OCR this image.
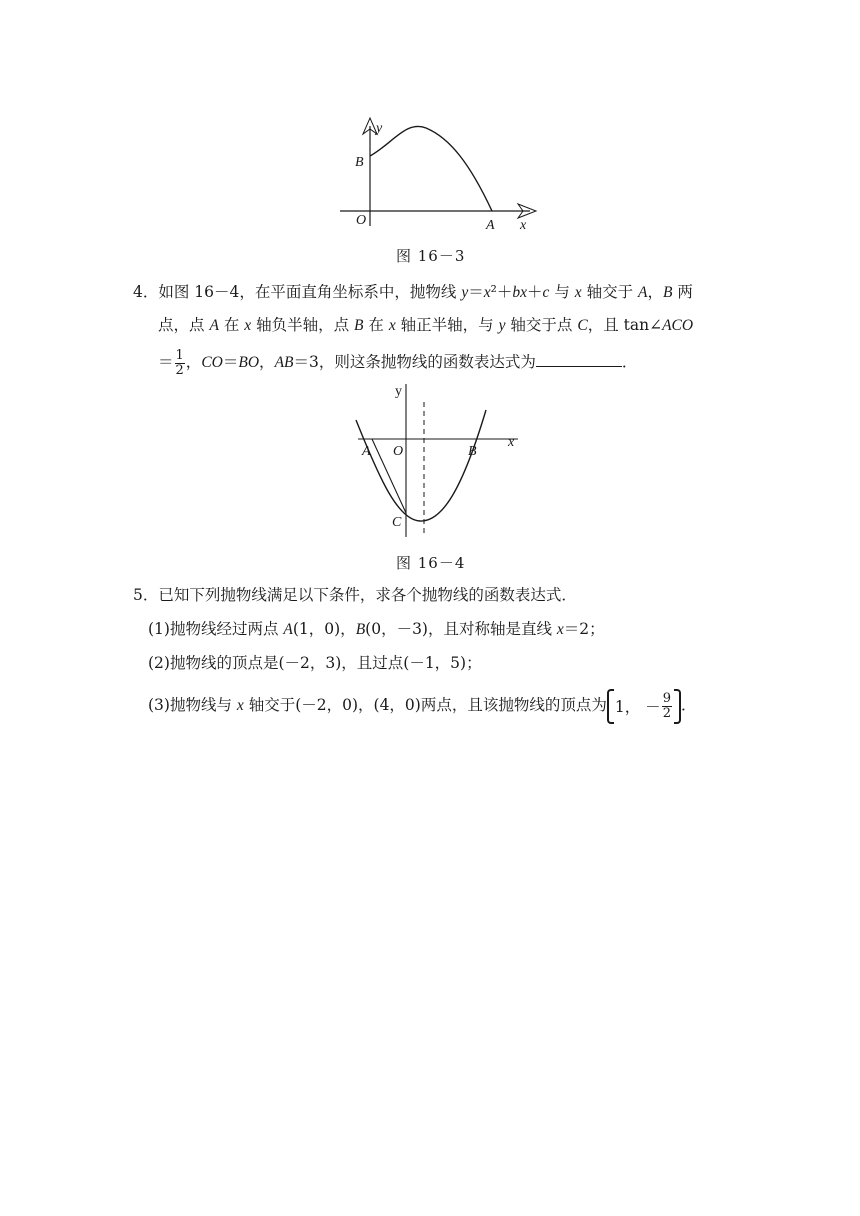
y
B
O	A x
图 16－3
4．如图 16－4，在平面直角坐标系中，抛物线 y＝x²＋bx＋c 与 x 轴交于 A，B 两
点，点 A 在 x 轴负半轴，点 B 在 x 轴正半轴，与 y 轴交于点 C，且 tan∠ACO
＝ $\frac{1}{2}$ ，CO＝BO，AB＝3，则这条抛物线的函数表达式为	．
y
A O	B
x
C
图 16－4
5．已知下列抛物线满足以下条件，求各个抛物线的函数表达式．
(1)抛物线经过两点 A(1，0)，B(0，－3)，且对称轴是直线 x＝2；
(2)抛物线的顶点是(－2，3)，且过点(－1，5)；
(3)抛物线与 x 轴交于(－2，0)，(4，0)两点，且该抛物线的顶点为 1， － $\frac{9}{2}$ ．
